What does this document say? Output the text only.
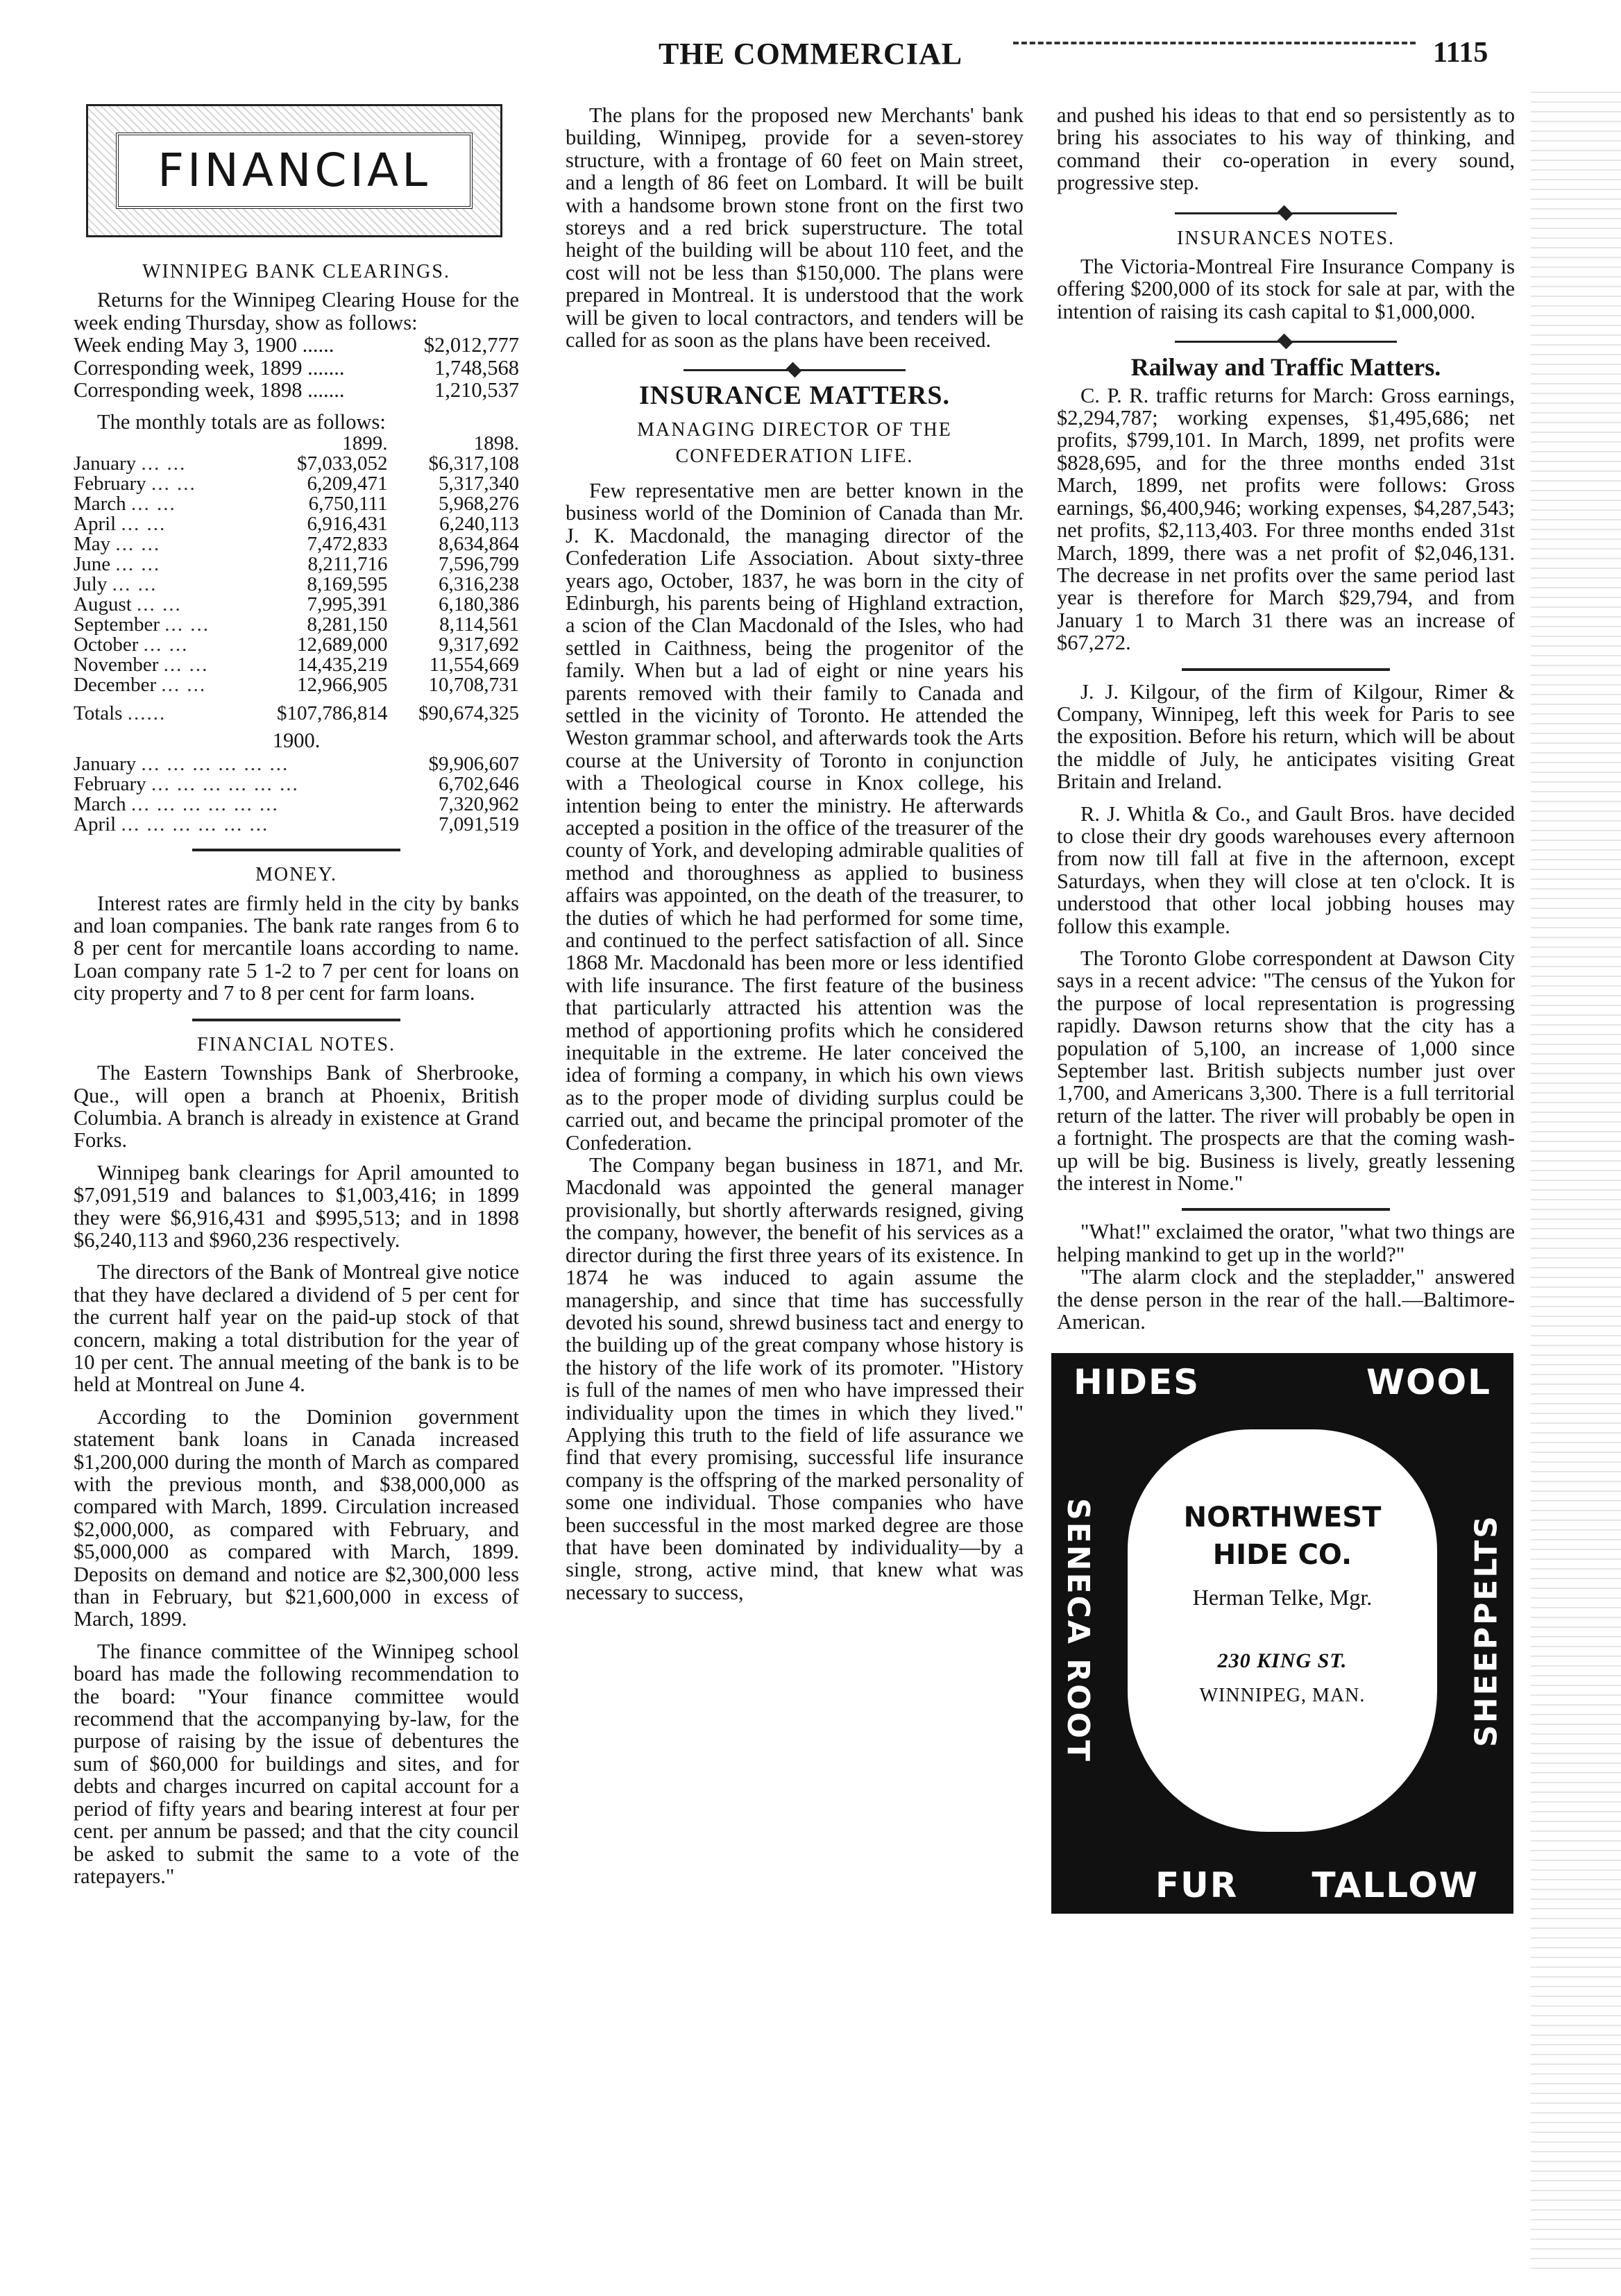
THE COMMERCIAL	1115
FINANCIAL
WINNIPEG BANK CLEARINGS.

Returns for the Winnipeg Clearing House for the week ending Thursday, show as follows:

Week ending May 3, 1900 ......	$2,012,777
Corresponding week, 1899 .......	1,748,568
Corresponding week, 1898 .......	1,210,537

The monthly totals are as follows:

	1899.	1898.
January ... ...	$7,033,052	$6,317,108
February ... ...	6,209,471	5,317,340
March ... ...	6,750,111	5,968,276
April ... ...	6,916,431	6,240,113
May ... ...	7,472,833	8,634,864
June ... ...	8,211,716	7,596,799
July ... ...	8,169,595	6,316,238
August ... ...	7,995,391	6,180,386
September ... ...	8,281,150	8,114,561
October ... ...	12,689,000	9,317,692
November ... ...	14,435,219	11,554,669
December ... ...	12,966,905	10,708,731
Totals ......	$107,786,814	$90,674,325
1900.
January ... ... ... ... ... ...	$9,906,607
February ... ... ... ... ... ...	6,702,646
March ... ... ... ... ... ...	7,320,962
April ... ... ... ... ... ...	7,091,519
MONEY.

Interest rates are firmly held in the city by banks and loan companies. The bank rate ranges from 6 to 8 per cent for mercantile loans according to name. Loan company rate 5 1-2 to 7 per cent for loans on city property and 7 to 8 per cent for farm loans.

FINANCIAL NOTES.

The Eastern Townships Bank of Sherbrooke, Que., will open a branch at Phoenix, British Columbia. A branch is already in existence at Grand Forks.

Winnipeg bank clearings for April amounted to $7,091,519 and balances to $1,003,416; in 1899 they were $6,916,431 and $995,513; and in 1898 $6,240,113 and $960,236 respectively.

The directors of the Bank of Montreal give notice that they have declared a dividend of 5 per cent for the current half year on the paid-up stock of that concern, making a total distribution for the year of 10 per cent. The annual meeting of the bank is to be held at Montreal on June 4.

According to the Dominion government statement bank loans in Canada increased $1,200,000 during the month of March as compared with the previous month, and $38,000,000 as compared with March, 1899. Circulation increased $2,000,000, as compared with February, and $5,000,000 as compared with March, 1899. Deposits on demand and notice are $2,300,000 less than in February, but $21,600,000 in excess of March, 1899.

The finance committee of the Winnipeg school board has made the following recommendation to the board: "Your finance committee would recommend that the accompanying by-law, for the purpose of raising by the issue of debentures the sum of $60,000 for buildings and sites, and for debts and charges incurred on capital account for a period of fifty years and bearing interest at four per cent. per annum be passed; and that the city council be asked to submit the same to a vote of the ratepayers."

The plans for the proposed new Merchants' bank building, Winnipeg, provide for a seven-storey structure, with a frontage of 60 feet on Main street, and a length of 86 feet on Lombard. It will be built with a handsome brown stone front on the first two storeys and a red brick superstructure. The total height of the building will be about 110 feet, and the cost will not be less than $150,000. The plans were prepared in Montreal. It is understood that the work will be given to local contractors, and tenders will be called for as soon as the plans have been received.

INSURANCE MATTERS.
MANAGING DIRECTOR OF THE CONFEDERATION LIFE.

Few representative men are better known in the business world of the Dominion of Canada than Mr. J. K. Macdonald, the managing director of the Confederation Life Association. About sixty-three years ago, October, 1837, he was born in the city of Edinburgh, his parents being of Highland extraction, a scion of the Clan Macdonald of the Isles, who had settled in Caithness, being the progenitor of the family. When but a lad of eight or nine years his parents removed with their family to Canada and settled in the vicinity of Toronto. He attended the Weston grammar school, and afterwards took the Arts course at the University of Toronto in conjunction with a Theological course in Knox college, his intention being to enter the ministry. He afterwards accepted a position in the office of the treasurer of the county of York, and developing admirable qualities of method and thoroughness as applied to business affairs was appointed, on the death of the treasurer, to the duties of which he had performed for some time, and continued to the perfect satisfaction of all. Since 1868 Mr. Macdonald has been more or less identified with life insurance. The first feature of the business that particularly attracted his attention was the method of apportioning profits which he considered inequitable in the extreme. He later conceived the idea of forming a company, in which his own views as to the proper mode of dividing surplus could be carried out, and became the principal promoter of the Confederation.

The Company began business in 1871, and Mr. Macdonald was appointed the general manager provisionally, but shortly afterwards resigned, giving the company, however, the benefit of his services as a director during the first three years of its existence. In 1874 he was induced to again assume the managership, and since that time has successfully devoted his sound, shrewd business tact and energy to the building up of the great company whose history is the history of the life work of its promoter. "History is full of the names of men who have impressed their individuality upon the times in which they lived." Applying this truth to the field of life assurance we find that every promising, successful life insurance company is the offspring of the marked personality of some one individual. Those companies who have been successful in the most marked degree are those that have been dominated by individuality—by a single, strong, active mind, that knew what was necessary to success,

and pushed his ideas to that end so persistently as to bring his associates to his way of thinking, and command their co-operation in every sound, progressive step.

INSURANCES NOTES.

The Victoria-Montreal Fire Insurance Company is offering $200,000 of its stock for sale at par, with the intention of raising its cash capital to $1,000,000.

Railway and Traffic Matters.

C. P. R. traffic returns for March: Gross earnings, $2,294,787; working expenses, $1,495,686; net profits, $799,101. In March, 1899, net profits were $828,695, and for the three months ended 31st March, 1899, net profits were follows: Gross earnings, $6,400,946; working expenses, $4,287,543; net profits, $2,113,403. For three months ended 31st March, 1899, there was a net profit of $2,046,131. The decrease in net profits over the same period last year is therefore for March $29,794, and from January 1 to March 31 there was an increase of $67,272.

J. J. Kilgour, of the firm of Kilgour, Rimer & Company, Winnipeg, left this week for Paris to see the exposition. Before his return, which will be about the middle of July, he anticipates visiting Great Britain and Ireland.

R. J. Whitla & Co., and Gault Bros. have decided to close their dry goods warehouses every afternoon from now till fall at five in the afternoon, except Saturdays, when they will close at ten o'clock. It is understood that other local jobbing houses may follow this example.

The Toronto Globe correspondent at Dawson City says in a recent advice: "The census of the Yukon for the purpose of local representation is progressing rapidly. Dawson returns show that the city has a population of 5,100, an increase of 1,000 since September last. British subjects number just over 1,700, and Americans 3,300. There is a full territorial return of the latter. The river will probably be open in a fortnight. The prospects are that the coming wash-up will be big. Business is lively, greatly lessening the interest in Nome."

"What!" exclaimed the orator, "what two things are helping mankind to get up in the world?"

"The alarm clock and the stepladder," answered the dense person in the rear of the hall.—Baltimore-American.

HIDES	WOOL
FUR TALLOW
SENECA ROOT	SHEEPPELTS
NORTHWEST
HIDE CO.
Herman Telke, Mgr.
230 KING ST.
WINNIPEG, MAN.
